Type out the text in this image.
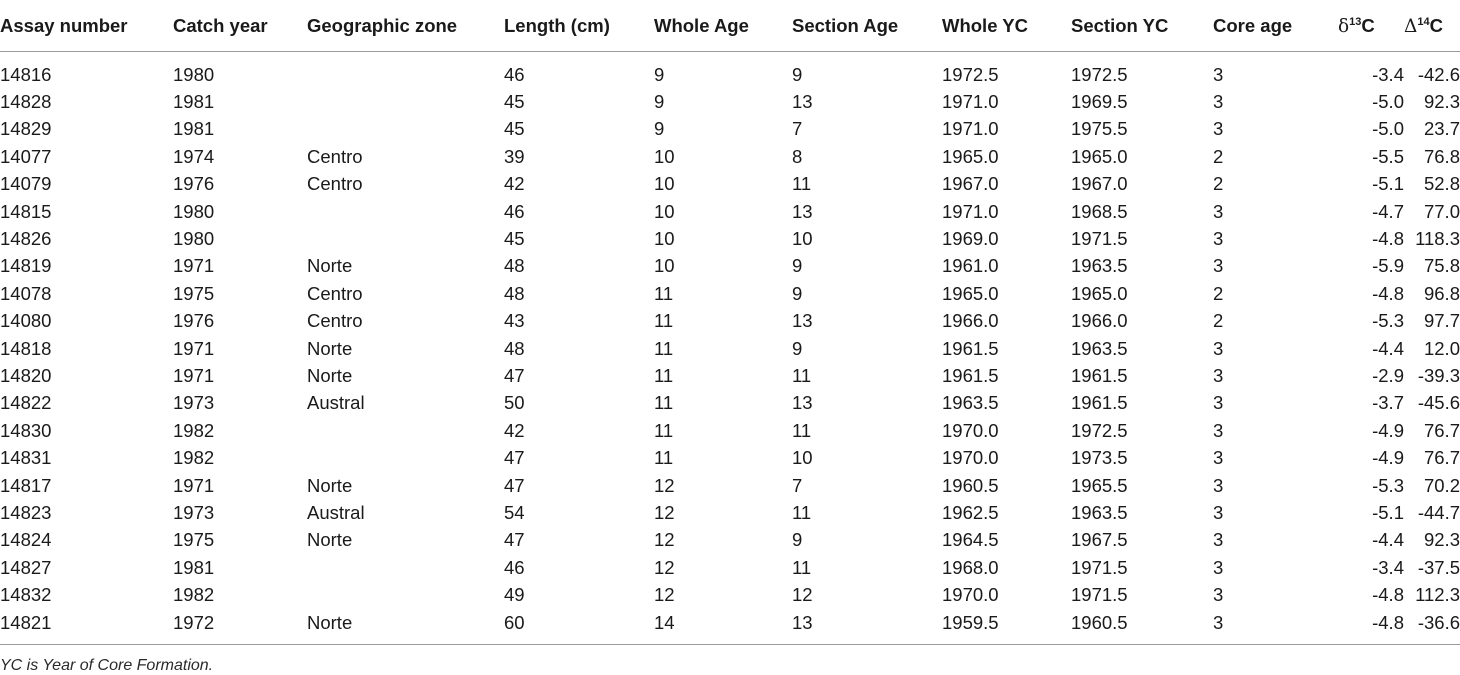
Assay number	Catch year	Geographic zone	Length (cm)	Whole Age	Section Age	Whole YC	Section YC	Core age	$\delta^{13}C$	$\Delta^{14}C$
14816	1980		46	9	9	1972.5	1972.5	3	-3.4	-42.6
14828	1981		45	9	13	1971.0	1969.5	3	-5.0	92.3
14829	1981		45	9	7	1971.0	1975.5	3	-5.0	23.7
14077	1974	Centro	39	10	8	1965.0	1965.0	2	-5.5	76.8
14079	1976	Centro	42	10	11	1967.0	1967.0	2	-5.1	52.8
14815	1980		46	10	13	1971.0	1968.5	3	-4.7	77.0
14826	1980		45	10	10	1969.0	1971.5	3	-4.8	118.3
14819	1971	Norte	48	10	9	1961.0	1963.5	3	-5.9	75.8
14078	1975	Centro	48	11	9	1965.0	1965.0	2	-4.8	96.8
14080	1976	Centro	43	11	13	1966.0	1966.0	2	-5.3	97.7
14818	1971	Norte	48	11	9	1961.5	1963.5	3	-4.4	12.0
14820	1971	Norte	47	11	11	1961.5	1961.5	3	-2.9	-39.3
14822	1973	Austral	50	11	13	1963.5	1961.5	3	-3.7	-45.6
14830	1982		42	11	11	1970.0	1972.5	3	-4.9	76.7
14831	1982		47	11	10	1970.0	1973.5	3	-4.9	76.7
14817	1971	Norte	47	12	7	1960.5	1965.5	3	-5.3	70.2
14823	1973	Austral	54	12	11	1962.5	1963.5	3	-5.1	-44.7
14824	1975	Norte	47	12	9	1964.5	1967.5	3	-4.4	92.3
14827	1981		46	12	11	1968.0	1971.5	3	-3.4	-37.5
14832	1982		49	12	12	1970.0	1971.5	3	-4.8	112.3
14821	1972	Norte	60	14	13	1959.5	1960.5	3	-4.8	-36.6
YC is Year of Core Formation.
